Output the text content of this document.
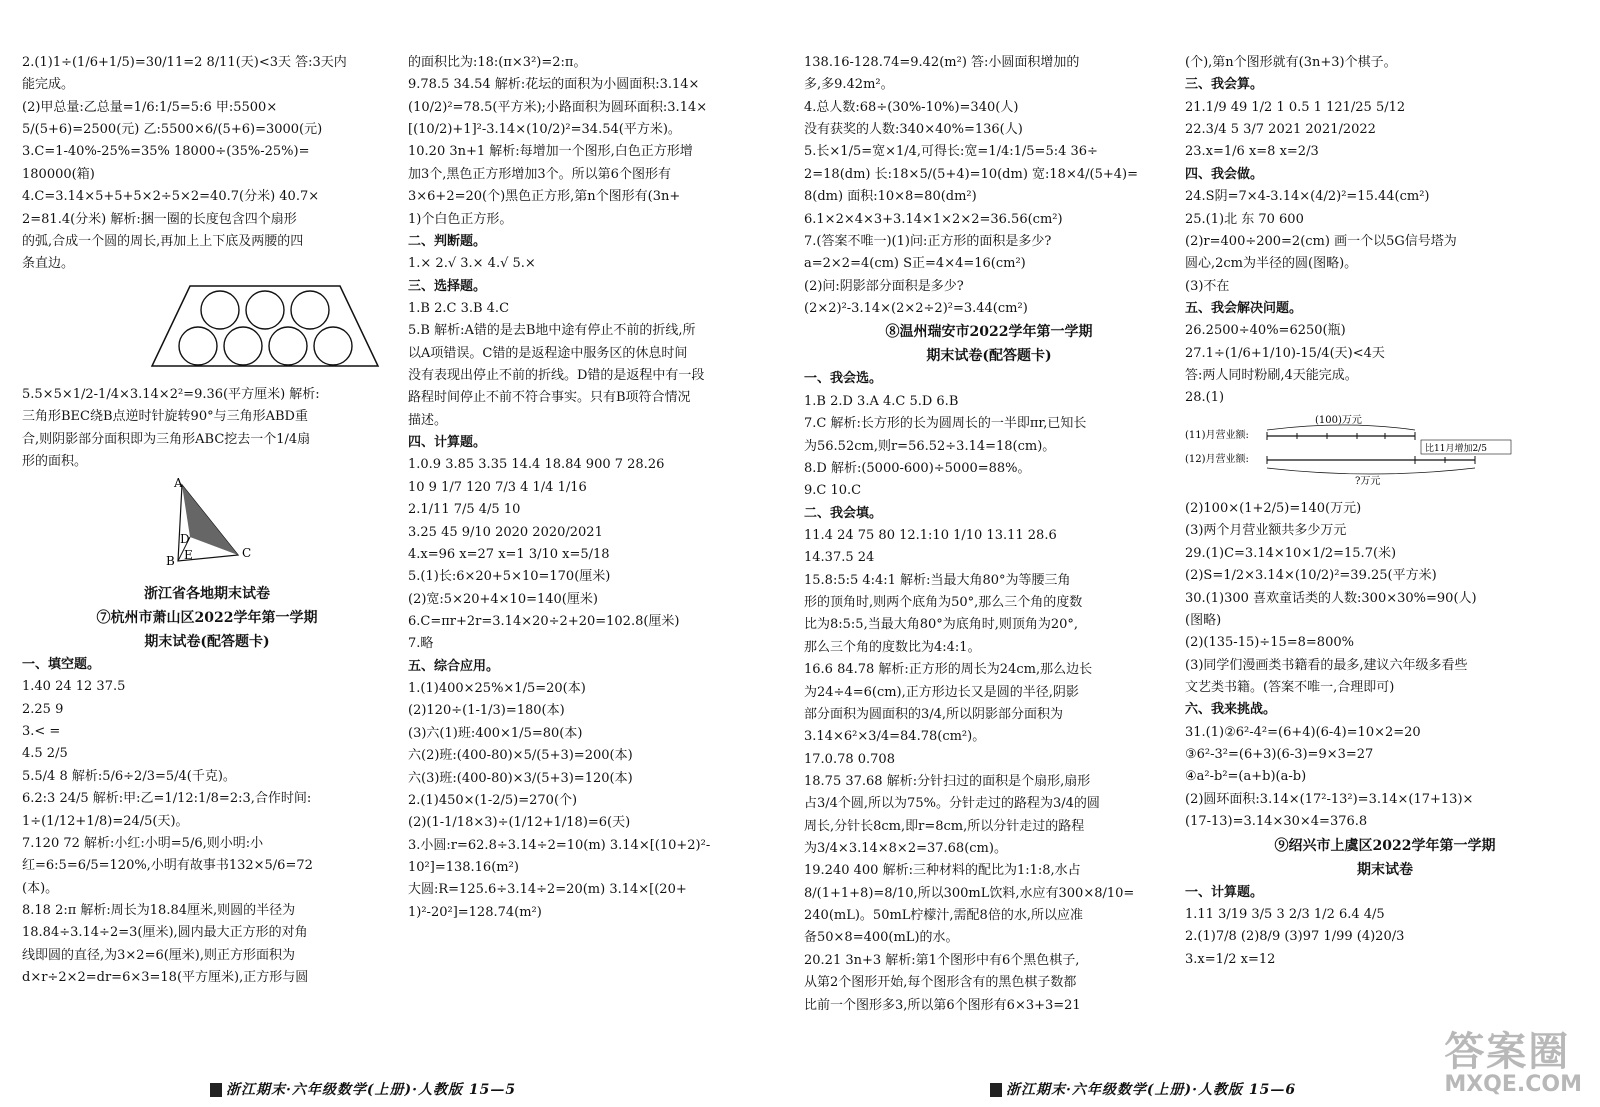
2.(1)1÷(1/6+1/5)=30/11=2 8/11(天)<3天 答:3天内

能完成。

(2)甲总量:乙总量=1/6:1/5=5:6 甲:5500×

5/(5+6)=2500(元) 乙:5500×6/(5+6)=3000(元)

3.C=1-40%-25%=35% 18000÷(35%-25%)=

180000(箱)

4.C=3.14×5+5+5×2÷5×2=40.7(分米) 40.7×

2=81.4(分米) 解析:捆一圈的长度包含四个扇形

的弧,合成一个圆的周长,再加上上下底及两腰的四

条直边。

5.5×5×1/2-1/4×3.14×2²=9.36(平方厘米) 解析:

三角形BEC绕B点逆时针旋转90°与三角形ABD重

合,则阴影部分面积即为三角形ABC挖去一个1/4扇

形的面积。

A
D
E
B
C

浙江省各地期末试卷

⑦杭州市萧山区2022学年第一学期

期末试卷(配答题卡)

一、填空题。

1.40 24 12 37.5

2.25 9

3.< =

4.5 2/5

5.5/4 8 解析:5/6÷2/3=5/4(千克)。

6.2:3 24/5 解析:甲:乙=1/12:1/8=2:3,合作时间:

1÷(1/12+1/8)=24/5(天)。

7.120 72 解析:小红:小明=5/6,则小明:小

红=6:5=6/5=120%,小明有故事书132×5/6=72

(本)。

8.18 2:π 解析:周长为18.84厘米,则圆的半径为

18.84÷3.14÷2=3(厘米),圆内最大正方形的对角

线即圆的直径,为3×2=6(厘米),则正方形面积为

d×r÷2×2=dr=6×3=18(平方厘米),正方形与圆

的面积比为:18:(π×3²)=2:π。

9.78.5 34.54 解析:花坛的面积为小圆面积:3.14×

(10/2)²=78.5(平方米);小路面积为圆环面积:3.14×

[(10/2)+1]²-3.14×(10/2)²=34.54(平方米)。

10.20 3n+1 解析:每增加一个图形,白色正方形增

加3个,黑色正方形增加3个。所以第6个图形有

3×6+2=20(个)黑色正方形,第n个图形有(3n+

1)个白色正方形。

二、判断题。

1.× 2.√ 3.× 4.√ 5.×

三、选择题。

1.B 2.C 3.B 4.C

5.B 解析:A错的是去B地中途有停止不前的折线,所

以A项错误。C错的是返程途中服务区的休息时间

没有表现出停止不前的折线。D错的是返程中有一段

路程时间停止不前不符合事实。只有B项符合情况

描述。

四、计算题。

1.0.9 3.85 3.35 14.4 18.84 900 7 28.26

10 9 1/7 120 7/3 4 1/4 1/16

2.1/11 7/5 4/5 10

3.25 45 9/10 2020 2020/2021

4.x=96 x=27 x=1 3/10 x=5/18

5.(1)长:6×20+5×10=170(厘米)

(2)宽:5×20+4×10=140(厘米)

6.C=πr+2r=3.14×20÷2+20=102.8(厘米)

7.略

五、综合应用。

1.(1)400×25%×1/5=20(本)

(2)120÷(1-1/3)=180(本)

(3)六(1)班:400×1/5=80(本)

六(2)班:(400-80)×5/(5+3)=200(本)

六(3)班:(400-80)×3/(5+3)=120(本)

2.(1)450×(1-2/5)=270(个)

(2)(1-1/18×3)÷(1/12+1/18)=6(天)

3.小圆:r=62.8÷3.14÷2=10(m) 3.14×[(10+2)²-

10²]=138.16(m²)

大圆:R=125.6÷3.14÷2=20(m) 3.14×[(20+

1)²-20²]=128.74(m²)

138.16-128.74=9.42(m²) 答:小圆面积增加的

多,多9.42m²。

4.总人数:68÷(30%-10%)=340(人)

没有获奖的人数:340×40%=136(人)

5.长×1/5=宽×1/4,可得长:宽=1/4:1/5=5:4 36÷

2=18(dm) 长:18×5/(5+4)=10(dm) 宽:18×4/(5+4)=

8(dm) 面积:10×8=80(dm²)

6.1×2×4×3+3.14×1×2×2=36.56(cm²)

7.(答案不唯一)(1)问:正方形的面积是多少?

a=2×2=4(cm) S正=4×4=16(cm²)

(2)问:阴影部分面积是多少?

(2×2)²-3.14×(2×2÷2)²=3.44(cm²)

⑧温州瑞安市2022学年第一学期

期末试卷(配答题卡)

一、我会选。

1.B 2.D 3.A 4.C 5.D 6.B

7.C 解析:长方形的长为圆周长的一半即πr,已知长

为56.52cm,则r=56.52÷3.14=18(cm)。

8.D 解析:(5000-600)÷5000=88%。

9.C 10.C

二、我会填。

11.4 24 75 80 12.1:10 1/10 13.11 28.6

14.37.5 24

15.8:5:5 4:4:1 解析:当最大角80°为等腰三角

形的顶角时,则两个底角为50°,那么三个角的度数

比为8:5:5,当最大角80°为底角时,则顶角为20°,

那么三个角的度数比为4:4:1。

16.6 84.78 解析:正方形的周长为24cm,那么边长

为24÷4=6(cm),正方形边长又是圆的半径,阴影

部分面积为圆面积的3/4,所以阴影部分面积为

3.14×6²×3/4=84.78(cm²)。

17.0.78 0.708

18.75 37.68 解析:分针扫过的面积是个扇形,扇形

占3/4个圆,所以为75%。分针走过的路程为3/4的圆

周长,分针长8cm,即r=8cm,所以分针走过的路程

为3/4×3.14×8×2=37.68(cm)。

19.240 400 解析:三种材料的配比为1:1:8,水占

8/(1+1+8)=8/10,所以300mL饮料,水应有300×8/10=

240(mL)。50mL柠檬汁,需配8倍的水,所以应准

备50×8=400(mL)的水。

20.21 3n+3 解析:第1个图形中有6个黑色棋子,

从第2个图形开始,每个图形含有的黑色棋子数都

比前一个图形多3,所以第6个图形有6×3+3=21

(个),第n个图形就有(3n+3)个棋子。

三、我会算。

21.1/9 49 1/2 1 0.5 1 121/25 5/12

22.3/4 5 3/7 2021 2021/2022

23.x=1/6 x=8 x=2/3

四、我会做。

24.S阴=7×4-3.14×(4/2)²=15.44(cm²)

25.(1)北 东 70 600

(2)r=400÷200=2(cm) 画一个以5G信号塔为

圆心,2cm为半径的圆(图略)。

(3)不在

五、我会解决问题。

26.2500÷40%=6250(瓶)

27.1÷(1/6+1/10)-15/4(天)<4天

答:两人同时粉刷,4天能完成。

28.(1)

(100)万元
(11)月营业额:
(12)月营业额:
比11月增加2/5
?万元

(2)100×(1+2/5)=140(万元)

(3)两个月营业额共多少万元

29.(1)C=3.14×10×1/2=15.7(米)

(2)S=1/2×3.14×(10/2)²=39.25(平方米)

30.(1)300 喜欢童话类的人数:300×30%=90(人)

(图略)

(2)(135-15)÷15=8=800%

(3)同学们漫画类书籍看的最多,建议六年级多看些

文艺类书籍。(答案不唯一,合理即可)

六、我来挑战。

31.(1)②6²-4²=(6+4)(6-4)=10×2=20

③6²-3²=(6+3)(6-3)=9×3=27

④a²-b²=(a+b)(a-b)

(2)圆环面积:3.14×(17²-13²)=3.14×(17+13)×

(17-13)=3.14×30×4=376.8

⑨绍兴市上虞区2022学年第一学期

期末试卷

一、计算题。

1.11 3/19 3/5 3 2/3 1/2 6.4 4/5

2.(1)7/8 (2)8/9 (3)97 1/99 (4)20/3

3.x=1/2 x=12

浙江期末·六年级数学(上册)·人教版 15—5	浙江期末·六年级数学(上册)·人教版 15—6
答案圈
MXQE.COM
